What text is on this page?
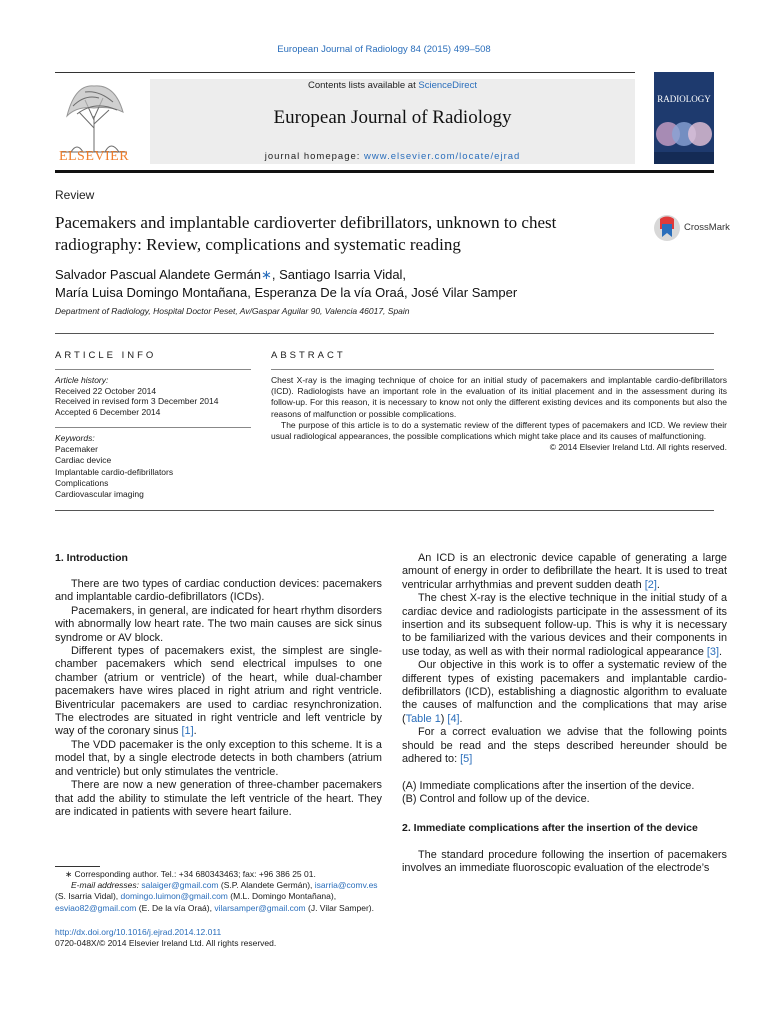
European Journal of Radiology 84 (2015) 499–508
ELSEVIER
Contents lists available at ScienceDirect
European Journal of Radiology
journal homepage: www.elsevier.com/locate/ejrad
RADIOLOGY
Review
Pacemakers and implantable cardioverter defibrillators, unknown to chest radiography: Review, complications and systematic reading
CrossMark
Salvador Pascual Alandete Germán∗, Santiago Isarria Vidal,
María Luisa Domingo Montañana, Esperanza De la vía Oraá, José Vilar Samper
Department of Radiology, Hospital Doctor Peset, Av/Gaspar Aguilar 90, Valencia 46017, Spain
ARTICLE INFO
Article history:
Received 22 October 2014
Received in revised form 3 December 2014
Accepted 6 December 2014
Keywords:
Pacemaker
Cardiac device
Implantable cardio-defibrillators
Complications
Cardiovascular imaging
ABSTRACT

Chest X-ray is the imaging technique of choice for an initial study of pacemakers and implantable cardio-defibrillators (ICD). Radiologists have an important role in the evaluation of its initial placement and in the assessment during its follow-up. For this reason, it is necessary to know not only the different existing devices and its components but also the reasons of malfunction or possible complications.

The purpose of this article is to do a systematic review of the different types of pacemakers and ICD. We review their usual radiological appearances, the possible complications which might take place and its causes of malfunctioning.

© 2014 Elsevier Ireland Ltd. All rights reserved.

1. Introduction

There are two types of cardiac conduction devices: pacemakers and implantable cardio-defibrillators (ICDs).

Pacemakers, in general, are indicated for heart rhythm disorders with abnormally low heart rate. The two main causes are sick sinus syndrome or AV block.

Different types of pacemakers exist, the simplest are single-chamber pacemakers which send electrical impulses to one chamber (atrium or ventricle) of the heart, while dual-chamber pacemakers have wires placed in right atrium and right ventricle. Biventricular pacemakers are used to cardiac resynchronization. The electrodes are situated in right ventricle and left ventricle by way of the coronary sinus [1].

The VDD pacemaker is the only exception to this scheme. It is a model that, by a single electrode detects in both chambers (atrium and ventricle) but only stimulates the ventricle.

There are now a new generation of three-chamber pacemakers that add the ability to stimulate the left ventricle of the heart. They are indicated in patients with severe heart failure.

∗ Corresponding author. Tel.: +34 680343463; fax: +96 386 25 01.
E-mail addresses: salaiger@gmail.com (S.P. Alandete Germán), isarria@comv.es
(S. Isarria Vidal), domingo.luimon@gmail.com (M.L. Domingo Montañana),
esviao82@gmail.com (E. De la vía Oraá), vilarsamper@gmail.com (J. Vilar Samper).
http://dx.doi.org/10.1016/j.ejrad.2014.12.011
0720-048X/© 2014 Elsevier Ireland Ltd. All rights reserved.

An ICD is an electronic device capable of generating a large amount of energy in order to defibrillate the heart. It is used to treat ventricular arrhythmias and prevent sudden death [2].

The chest X-ray is the elective technique in the initial study of a cardiac device and radiologists participate in the assessment of its insertion and its subsequent follow-up. This is why it is necessary to be familiarized with the various devices and their components in use today, as well as with their normal radiological appearance [3].

Our objective in this work is to offer a systematic review of the different types of existing pacemakers and implantable cardio-defibrillators (ICD), establishing a diagnostic algorithm to evaluate the causes of malfunction and the complications that may arise (Table 1) [4].

For a correct evaluation we advise that the following points should be read and the steps described hereunder should be adhered to: [5]

(A) Immediate complications after the insertion of the device.

(B) Control and follow up of the device.

2. Immediate complications after the insertion of the device

The standard procedure following the insertion of pacemakers involves an immediate fluoroscopic evaluation of the electrode’s
